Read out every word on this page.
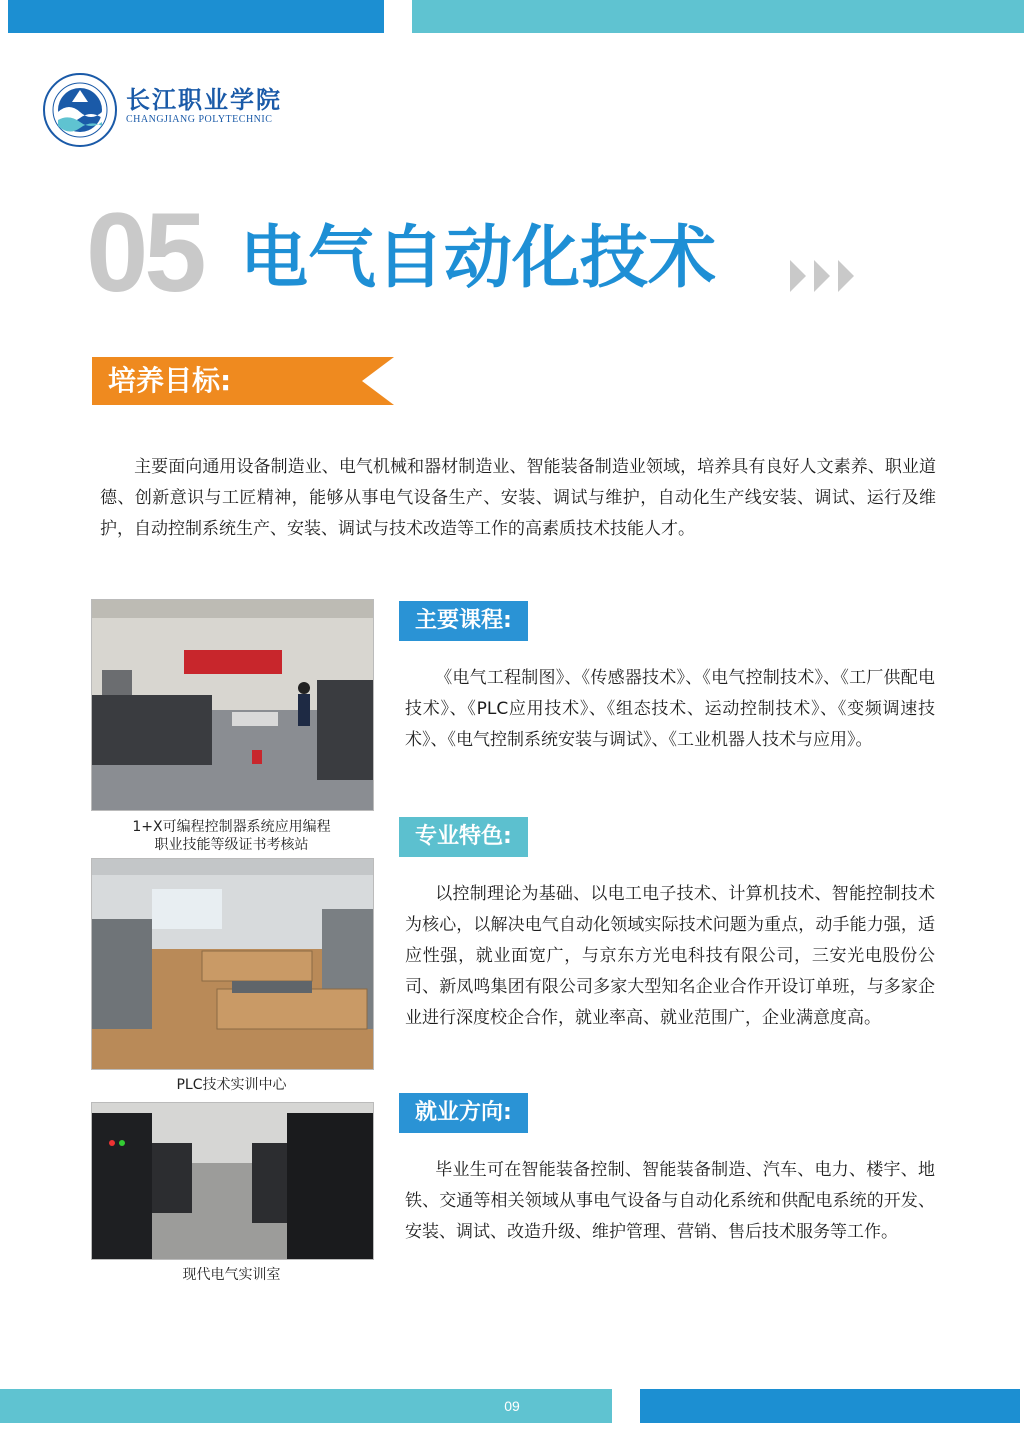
09
长江职业学院
CHANGJIANG POLYTECHNIC
05 电气自动化技术
培养目标:
主要面向通用设备制造业、电气机械和器材制造业、智能装备制造业领域，培养具有良好人文素养、职业道德、创新意识与工匠精神，能够从事电气设备生产、安装、调试与维护，自动化生产线安装、调试、运行及维护，自动控制系统生产、安装、调试与技术改造等工作的高素质技术技能人才。
1+X可编程控制器系统应用编程
职业技能等级证书考核站
PLC技术实训中心
现代电气实训室
主要课程:
《电气工程制图》、《传感器技术》、《电气控制技术》、《工厂供配电技术》、《PLC应用技术》、《组态技术、运动控制技术》、《变频调速技术》、《电气控制系统安装与调试》、《工业机器人技术与应用》。
专业特色:
以控制理论为基础、以电工电子技术、计算机技术、智能控制技术为核心，以解决电气自动化领域实际技术问题为重点，动手能力强，适应性强，就业面宽广，与京东方光电科技有限公司，三安光电股份公司、新凤鸣集团有限公司多家大型知名企业合作开设订单班，与多家企业进行深度校企合作，就业率高、就业范围广，企业满意度高。
就业方向:
毕业生可在智能装备控制、智能装备制造、汽车、电力、楼宇、地铁、交通等相关领域从事电气设备与自动化系统和供配电系统的开发、安装、调试、改造升级、维护管理、营销、售后技术服务等工作。
